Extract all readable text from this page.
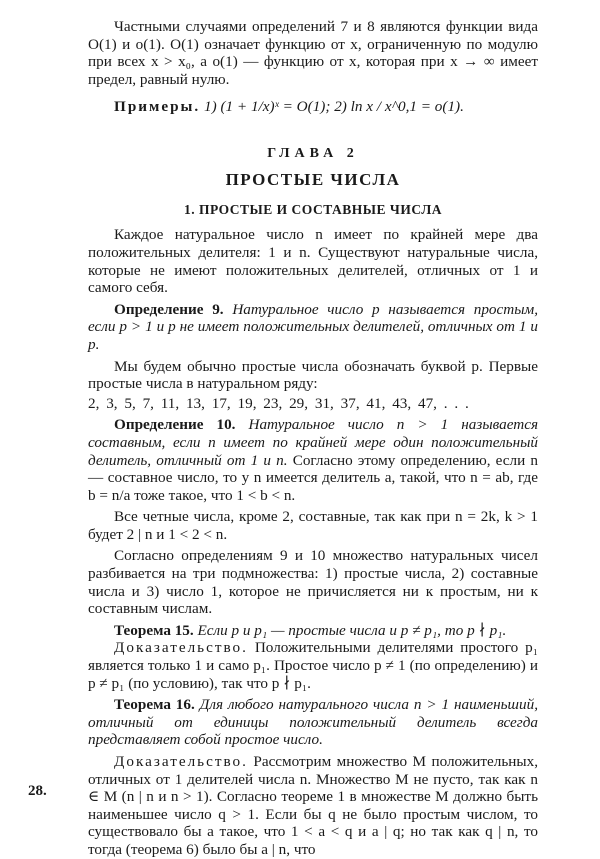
Частными случаями определений 7 и 8 являются функции вида O(1) и o(1). O(1) означает функцию от x, ограниченную по модулю при всех x > x₀, а o(1) — функцию от x, которая при x → ∞ имеет предел, равный нулю.

Примеры. 1) (1 + 1/x)ˣ = O(1); 2) ln x / x^0,1 = o(1).

ГЛАВА 2
ПРОСТЫЕ ЧИСЛА
1. ПРОСТЫЕ И СОСТАВНЫЕ ЧИСЛА

Каждое натуральное число n имеет по крайней мере два положительных делителя: 1 и n. Существуют натуральные числа, которые не имеют положительных делителей, отличных от 1 и самого себя.

Определение 9. Натуральное число p называется простым, если p > 1 и p не имеет положительных делителей, отличных от 1 и p.

Мы будем обычно простые числа обозначать буквой p. Первые простые числа в натуральном ряду:

2, 3, 5, 7, 11, 13, 17, 19, 23, 29, 31, 37, 41, 43, 47, . . .

Определение 10. Натуральное число n > 1 называется составным, если n имеет по крайней мере один положительный делитель, отличный от 1 и n. Согласно этому определению, если n — составное число, то у n имеется делитель a, такой, что n = ab, где b = n/a тоже такое, что 1 < b < n.

Все четные числа, кроме 2, составные, так как при n = 2k, k > 1 будет 2 | n и 1 < 2 < n.

Согласно определениям 9 и 10 множество натуральных чисел разбивается на три подмножества: 1) простые числа, 2) составные числа и 3) число 1, которое не причисляется ни к простым, ни к составным числам.

Теорема 15. Если p и p₁ — простые числа и p ≠ p₁, то p ∤ p₁.

Доказательство. Положительными делителями простого p₁ является только 1 и само p₁. Простое число p ≠ 1 (по определению) и p ≠ p₁ (по условию), так что p ∤ p₁.

Теорема 16. Для любого натурального числа n > 1 наименьший, отличный от единицы положительный делитель всегда представляет собой простое число.

Доказательство. Рассмотрим множество M положительных, отличных от 1 делителей числа n. Множество M не пусто, так как n ∈ M (n | n и n > 1). Согласно теореме 1 в множестве M должно быть наименьшее число q > 1. Если бы q не было простым числом, то существовало бы a такое, что 1 < a < q и a | q; но так как q | n, то тогда (теорема 6) было бы a | n, что

28.
